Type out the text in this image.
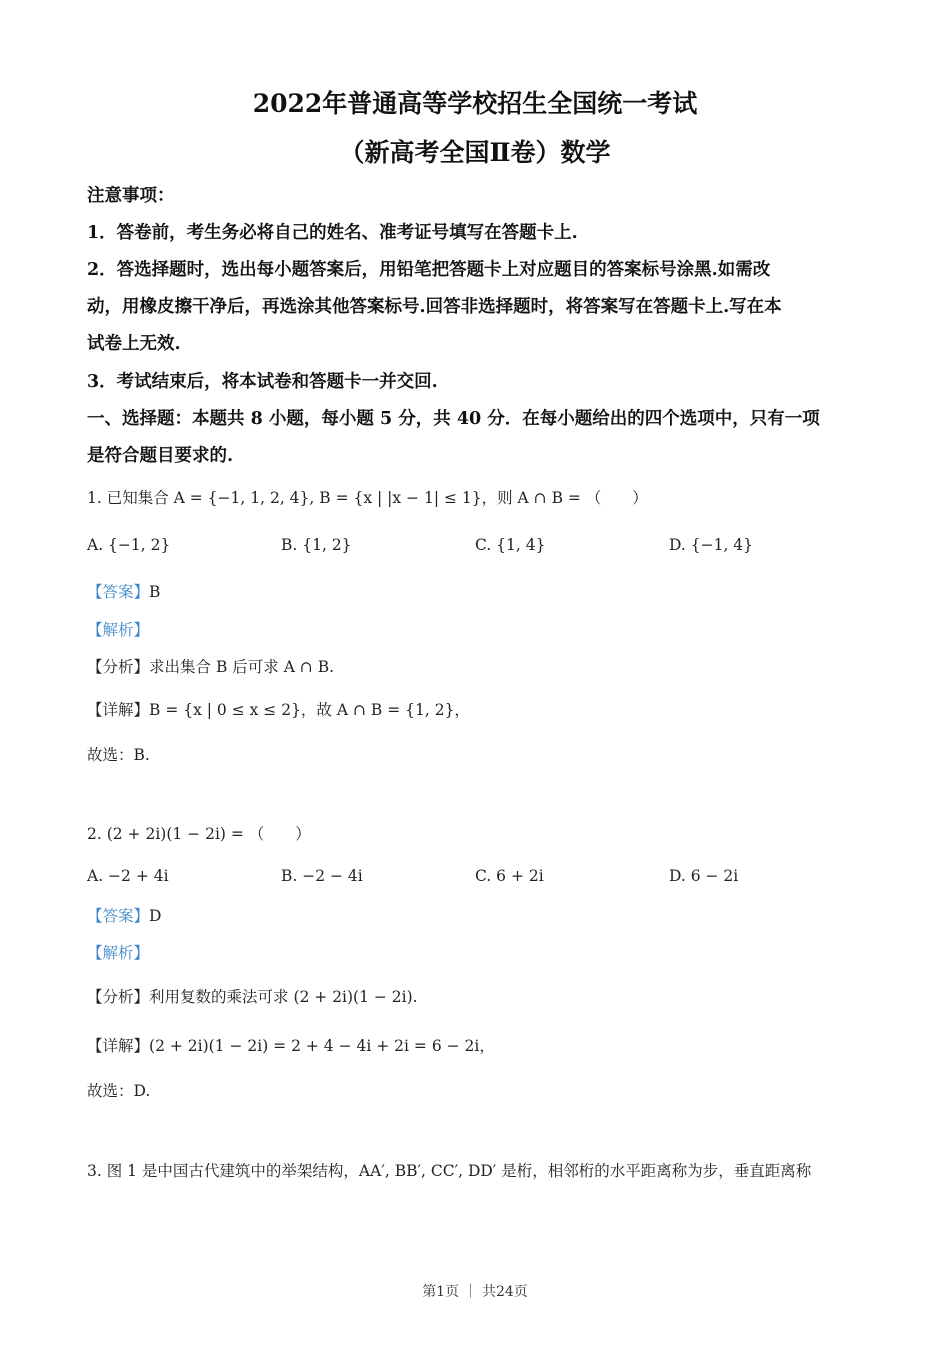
2022年普通高等学校招生全国统一考试
（新高考全国Ⅱ卷）数学
注意事项：
1．答卷前，考生务必将自己的姓名、准考证号填写在答题卡上.
2．答选择题时，选出每小题答案后，用铅笔把答题卡上对应题目的答案标号涂黑.如需改
动，用橡皮擦干净后，再选涂其他答案标号.回答非选择题时，将答案写在答题卡上.写在本
试卷上无效.
3．考试结束后，将本试卷和答题卡一并交回.
一、选择题：本题共 8 小题，每小题 5 分，共 40 分．在每小题给出的四个选项中，只有一项
是符合题目要求的.
1. 已知集合 A = {−1, 1, 2, 4}, B = {x | |x − 1| ≤ 1}，则 A ∩ B = （　　）
A. {−1, 2}	B. {1, 2}	C. {1, 4}	D. {−1, 4}
【答案】B
【解析】
【分析】求出集合 B 后可求 A ∩ B.
【详解】B = {x | 0 ≤ x ≤ 2}，故 A ∩ B = {1, 2}，
故选：B.
2. (2 + 2i)(1 − 2i) = （　　）
A. −2 + 4i	B. −2 − 4i	C. 6 + 2i	D. 6 − 2i
【答案】D
【解析】
【分析】利用复数的乘法可求 (2 + 2i)(1 − 2i).
【详解】(2 + 2i)(1 − 2i) = 2 + 4 − 4i + 2i = 6 − 2i，
故选：D.
3. 图 1 是中国古代建筑中的举架结构，AA′, BB′, CC′, DD′ 是桁，相邻桁的水平距离称为步，垂直距离称
第1页 ｜ 共24页
